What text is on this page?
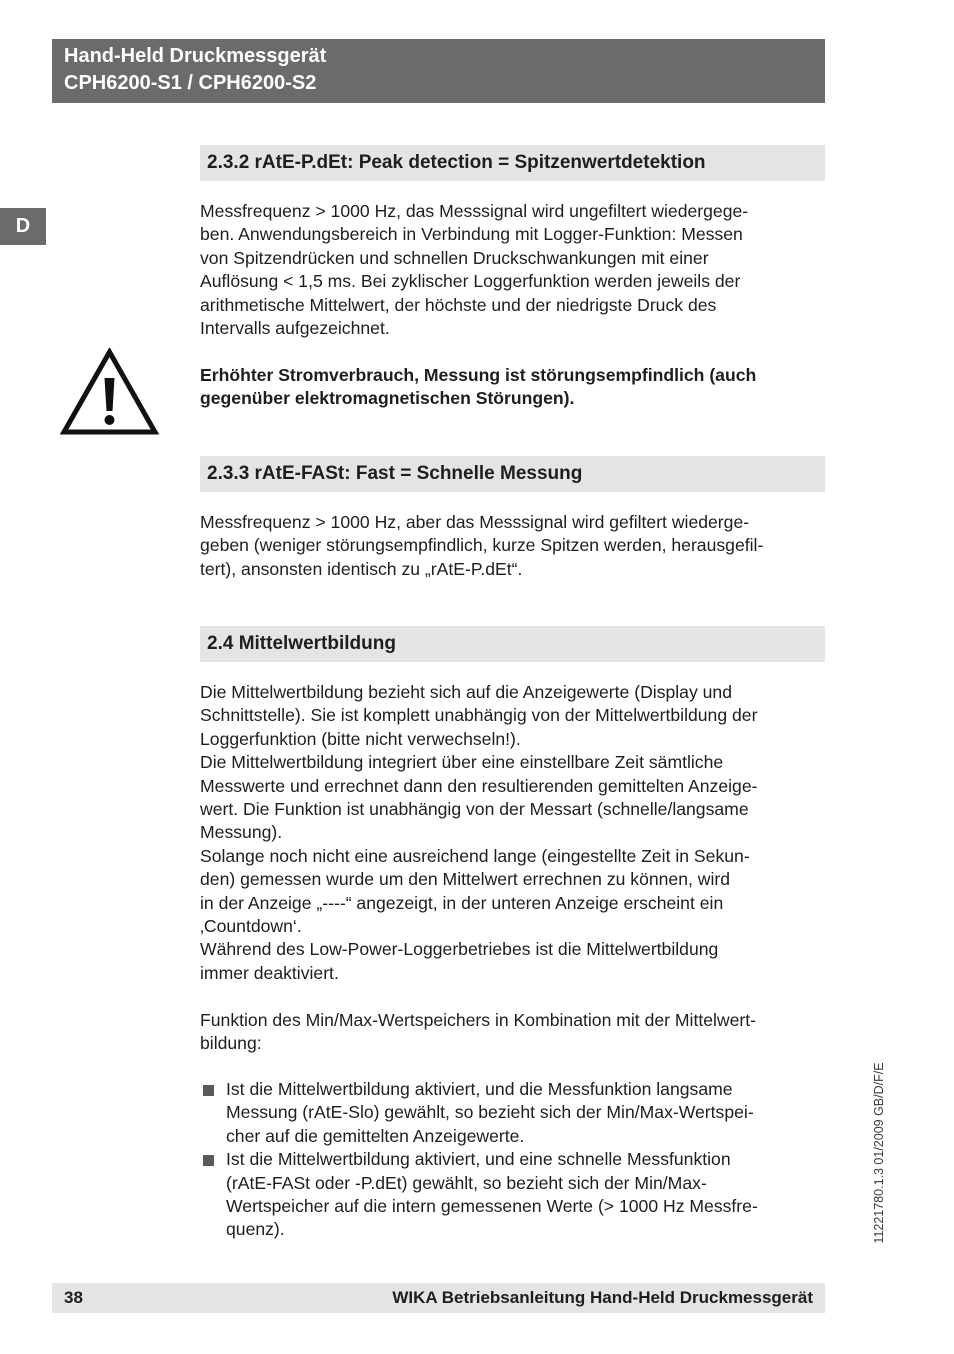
Hand-Held Druckmessgerät
CPH6200-S1 / CPH6200-S2
D
2.3.2 rAtE-P.dEt: Peak detection = Spitzenwertdetektion

Messfrequenz > 1000 Hz, das Messsignal wird ungefiltert wiedergege-
ben. Anwendungsbereich in Verbindung mit Logger-Funktion: Messen
von Spitzendrücken und schnellen Druckschwankungen mit einer
Auflösung < 1,5 ms. Bei zyklischer Loggerfunktion werden jeweils der
arithmetische Mittelwert, der höchste und der niedrigste Druck des
Intervalls aufgezeichnet.

Erhöhter Stromverbrauch, Messung ist störungsempfindlich (auch
gegenüber elektromagnetischen Störungen).

2.3.3 rAtE-FASt: Fast = Schnelle Messung

Messfrequenz > 1000 Hz, aber das Messsignal wird gefiltert wiederge-
geben (weniger störungsempfindlich, kurze Spitzen werden, herausgefil-
tert), ansonsten identisch zu „rAtE-P.dEt“.

2.4 Mittelwertbildung

Die Mittelwertbildung bezieht sich auf die Anzeigewerte (Display und
Schnittstelle). Sie ist komplett unabhängig von der Mittelwertbildung der
Loggerfunktion (bitte nicht verwechseln!).
Die Mittelwertbildung integriert über eine einstellbare Zeit sämtliche
Messwerte und errechnet dann den resultierenden gemittelten Anzeige-
wert. Die Funktion ist unabhängig von der Messart (schnelle/langsame
Messung).
Solange noch nicht eine ausreichend lange (eingestellte Zeit in Sekun-
den) gemessen wurde um den Mittelwert errechnen zu können, wird
in der Anzeige „----“ angezeigt, in der unteren Anzeige erscheint ein
‚Countdown‘.
Während des Low-Power-Loggerbetriebes ist die Mittelwertbildung
immer deaktiviert.

Funktion des Min/Max-Wertspeichers in Kombination mit der Mittelwert-
bildung:

Ist die Mittelwertbildung aktiviert, und die Messfunktion langsame
Messung (rAtE-Slo) gewählt, so bezieht sich der Min/Max-Wertspei-
cher auf die gemittelten Anzeigewerte.
Ist die Mittelwertbildung aktiviert, und eine schnelle Messfunktion
(rAtE-FASt oder -P.dEt) gewählt, so bezieht sich der Min/Max-
Wertspeicher auf die intern gemessenen Werte (> 1000 Hz Messfre-
quenz).	11221780.1.3 01/2009 GB/D/F/E
38	WIKA Betriebsanleitung Hand-Held Druckmessgerät
